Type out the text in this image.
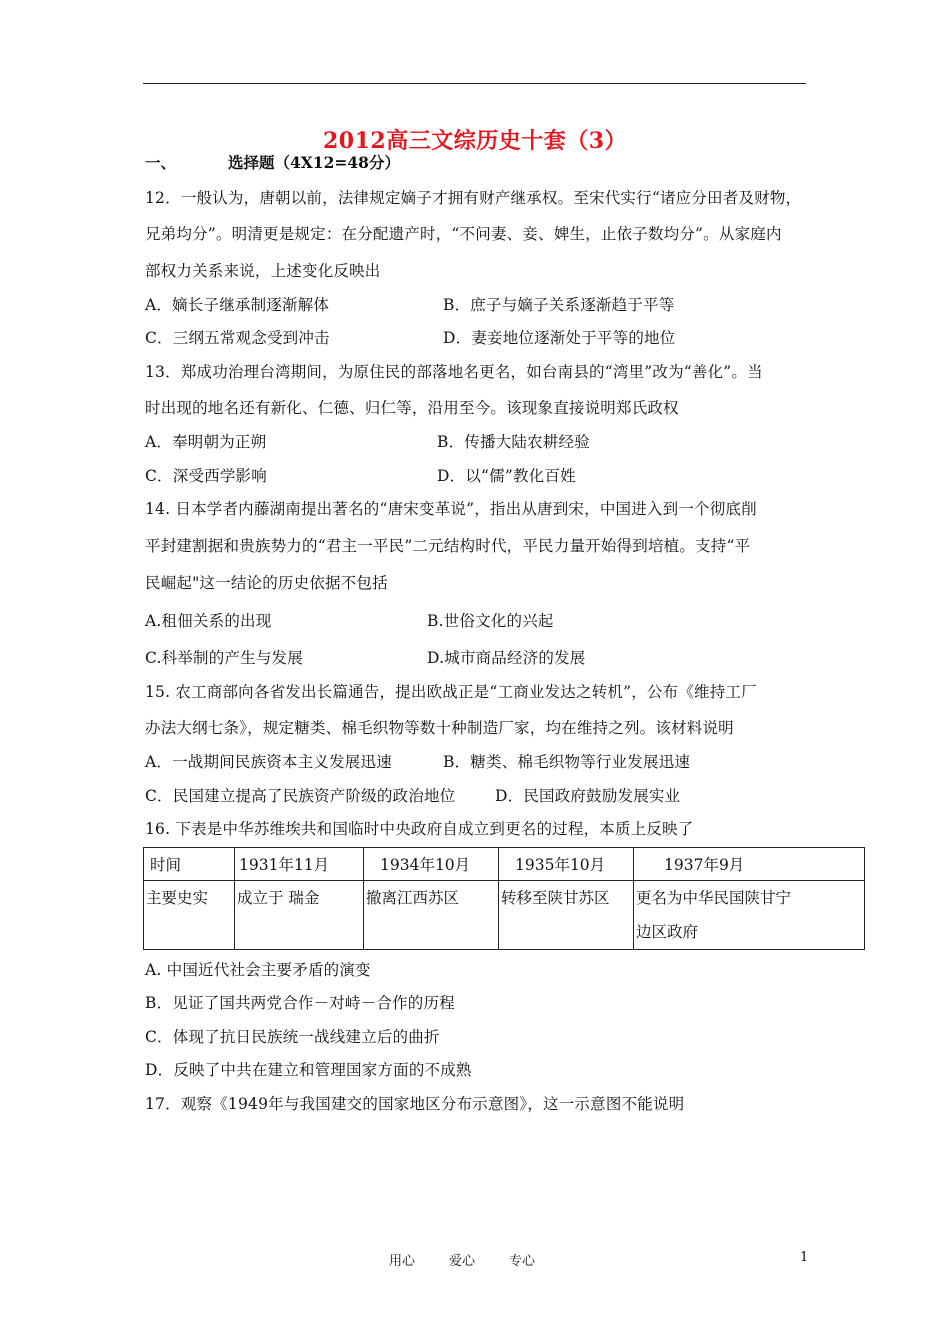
2012高三文综历史十套（3）
一、	选择题（4X12=48分）
12．一般认为，唐朝以前，法律规定嫡子才拥有财产继承权。至宋代实行“诸应分田者及财物，
兄弟均分”。明清更是规定：在分配遗产时，“不问妻、妾、婢生，止依子数均分”。从家庭内
部权力关系来说，上述变化反映出
A．嫡长子继承制逐渐解体	B．庶子与嫡子关系逐渐趋于平等
C．三纲五常观念受到冲击	D．妻妾地位逐渐处于平等的地位
13．郑成功治理台湾期间，为原住民的部落地名更名，如台南县的“湾里”改为“善化”。当
时出现的地名还有新化、仁德、归仁等，沿用至今。该现象直接说明郑氏政权
A．奉明朝为正朔	B．传播大陆农耕经验
C．深受西学影响	D．以“儒”教化百姓
14. 日本学者内藤湖南提出著名的“唐宋变革说”，指出从唐到宋，中国进入到一个彻底削
平封建割据和贵族势力的“君主一平民”二元结构时代，平民力量开始得到培植。支持“平
民崛起"这一结论的历史依据不包括
A.租佃关系的出现	B.世俗文化的兴起
C.科举制的产生与发展	D.城市商品经济的发展
15. 农工商部向各省发出长篇通告，提出欧战正是“工商业发达之转机”，公布《维持工厂
办法大纲七条》，规定糖类、棉毛织物等数十种制造厂家，均在维持之列。该材料说明
A．一战期间民族资本主义发展迅速	B．糖类、棉毛织物等行业发展迅速
C．民国建立提高了民族资产阶级的政治地位	D．民国政府鼓励发展实业
16. 下表是中华苏维埃共和国临时中央政府自成立到更名的过程，本质上反映了
时间	1931年11月	1934年10月	1935年10月	1937年9月
主要史实	成立于 瑞金	撤离江西苏区	转移至陕甘苏区	更名为中华民国陕甘宁
边区政府
A. 中国近代社会主要矛盾的演变
B．见证了国共两党合作－对峙－合作的历程
C．体现了抗日民族统一战线建立后的曲折
D．反映了中共在建立和管理国家方面的不成熟
17．观察《1949年与我国建交的国家地区分布示意图》，这一示意图不能说明
用心	爱心	专心	1
